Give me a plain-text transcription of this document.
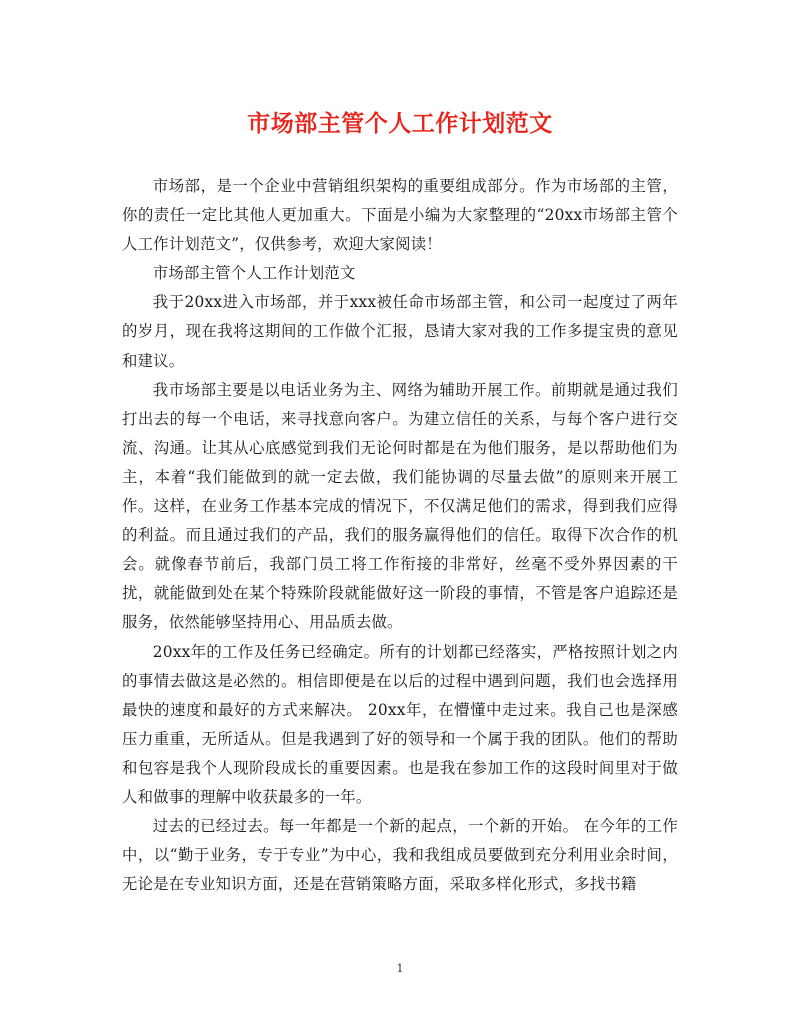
市场部主管个人工作计划范文

市场部，是一个企业中营销组织架构的重要组成部分。作为市场部的主管，你的责任一定比其他人更加重大。下面是小编为大家整理的“20xx市场部主管个人工作计划范文”，仅供参考，欢迎大家阅读！

市场部主管个人工作计划范文

我于20xx进入市场部，并于xxx被任命市场部主管，和公司一起度过了两年的岁月，现在我将这期间的工作做个汇报，恳请大家对我的工作多提宝贵的意见和建议。

我市场部主要是以电话业务为主、网络为辅助开展工作。前期就是通过我们打出去的每一个电话，来寻找意向客户。为建立信任的关系，与每个客户进行交流、沟通。让其从心底感觉到我们无论何时都是在为他们服务，是以帮助他们为主，本着“我们能做到的就一定去做，我们能协调的尽量去做”的原则来开展工作。这样，在业务工作基本完成的情况下，不仅满足他们的需求，得到我们应得的利益。而且通过我们的产品，我们的服务赢得他们的信任。取得下次合作的机会。就像春节前后，我部门员工将工作衔接的非常好，丝毫不受外界因素的干扰，就能做到处在某个特殊阶段就能做好这一阶段的事情，不管是客户追踪还是服务，依然能够坚持用心、用品质去做。

20xx年的工作及任务已经确定。所有的计划都已经落实，严格按照计划之内的事情去做这是必然的。相信即便是在以后的过程中遇到问题，我们也会选择用最快的速度和最好的方式来解决。 20xx年，在懵懂中走过来。我自己也是深感压力重重，无所适从。但是我遇到了好的领导和一个属于我的团队。他们的帮助和包容是我个人现阶段成长的重要因素。也是我在参加工作的这段时间里对于做人和做事的理解中收获最多的一年。

过去的已经过去。每一年都是一个新的起点，一个新的开始。 在今年的工作中，以“勤于业务，专于专业”为中心，我和我组成员要做到充分利用业余时间，无论是在专业知识方面，还是在营销策略方面，采取多样化形式，多找书籍

1
